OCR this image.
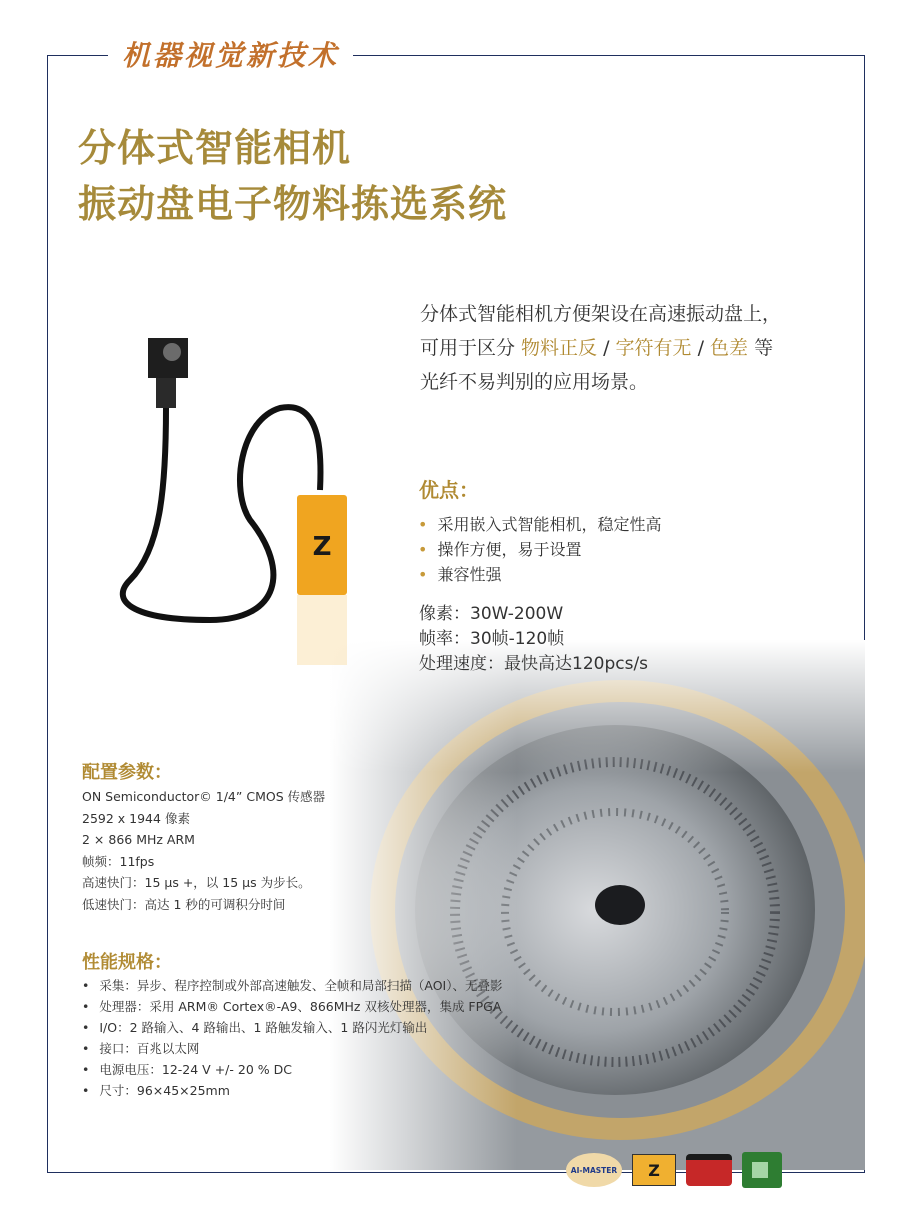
机器视觉新技术
分体式智能相机
振动盘电子物料拣选系统
Z
分体式智能相机方便架设在高速振动盘上，
可用于区分 物料正反 / 字符有无 / 色差 等
光纤不易判别的应用场景。
优点：
• 采用嵌入式智能相机，稳定性高
• 操作方便，易于设置
• 兼容性强
像素：30W-200W
帧率：30帧-120帧
处理速度：最快高达120pcs/s
配置参数：
ON Semiconductor© 1/4” CMOS 传感器
2592 x 1944 像素
2 × 866 MHz ARM
帧频：11fps
高速快门：15 µs +，以 15 µs 为步长。
低速快门：高达 1 秒的可调积分时间
性能规格：
• 采集：异步、程序控制或外部高速触发、全帧和局部扫描（AOI）、无叠影
• 处理器：采用 ARM® Cortex®-A9、866MHz 双核处理器，集成 FPGA
• I/O：2 路输入、4 路输出、1 路触发输入、1 路闪光灯输出
• 接口：百兆以太网
• 电源电压：12-24 V +/- 20 % DC
• 尺寸：96×45×25mm
AI-MASTER	Z
